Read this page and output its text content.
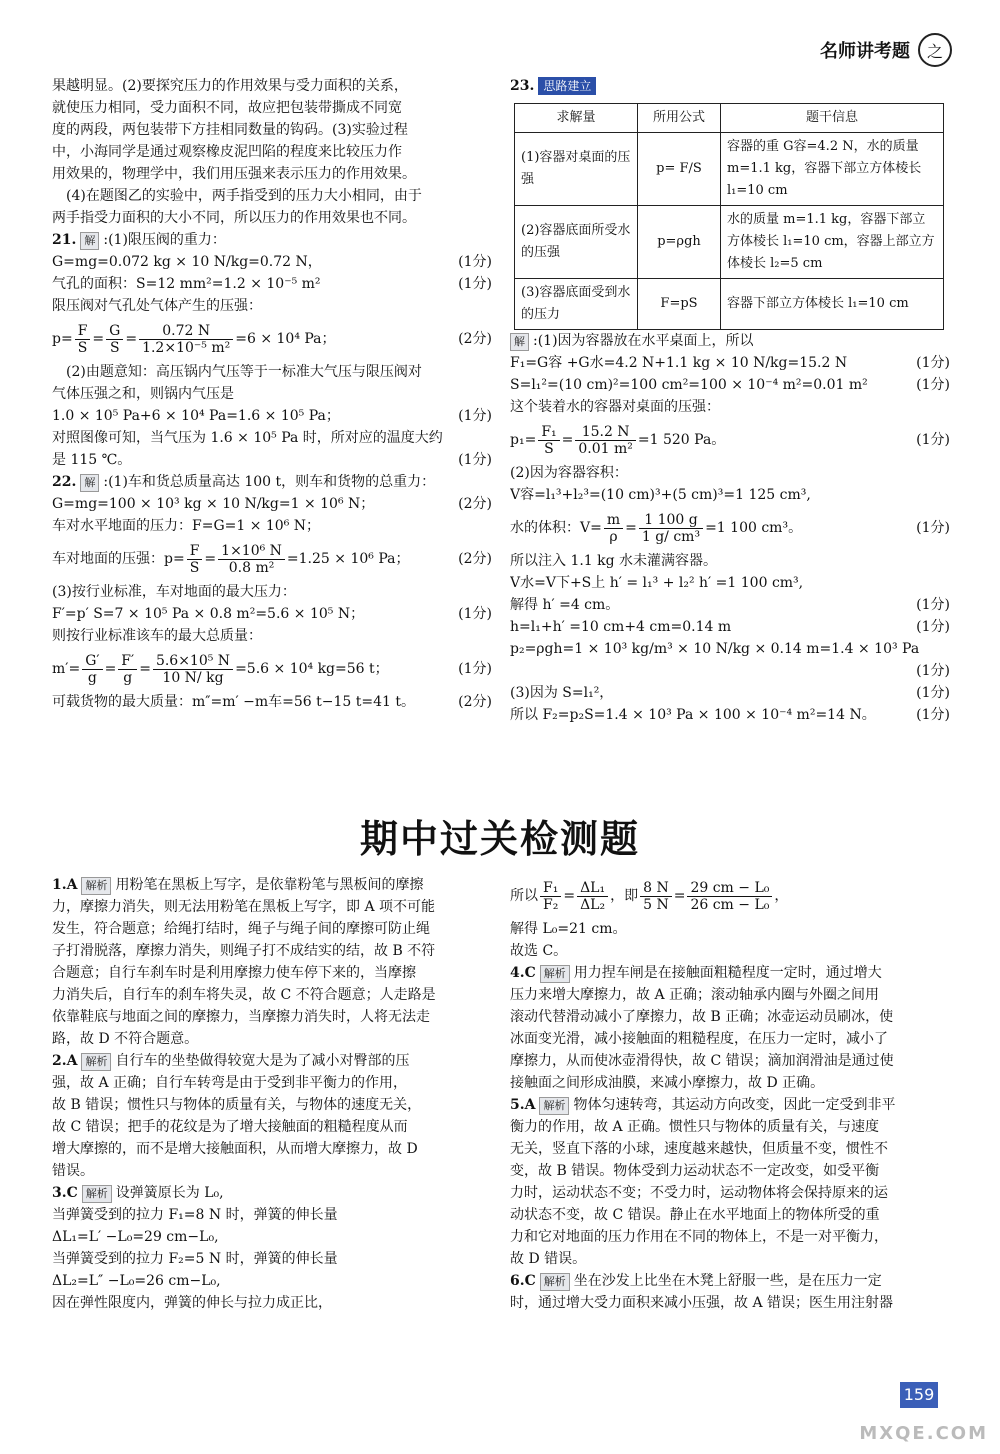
名师讲考题	之
果越明显。(2)要探究压力的作用效果与受力面积的关系，
就使压力相同，受力面积不同，故应把包装带撕成不同宽
度的两段，两包装带下方挂相同数量的钩码。(3)实验过程
中，小海同学是通过观察橡皮泥凹陷的程度来比较压力作
用效果的，物理学中，我们用压强来表示压力的作用效果。
(4)在题图乙的实验中，两手指受到的压力大小相同，由于
两手指受力面积的大小不同，所以压力的作用效果也不同。
21. 解 :(1)限压阀的重力：
G=mg=0.072 kg × 10 N/kg=0.72 N，	(1分)
气孔的面积：S=12 mm²=1.2 × 10⁻⁵ m²	(1分)
限压阀对气孔处气体产生的压强：
$p= \frac{F}{S} = \frac{G}{S} = \frac{0.72 N}{\text{1.2×10⁻⁵ m²}} =6 \times 10^4$ Pa；	(2分)
(2)由题意知：高压锅内气压等于一标准大气压与限压阀对
气体压强之和，则锅内气压是
1.0 × 10⁵ Pa+6 × 10⁴ Pa=1.6 × 10⁵ Pa；	(1分)
对照图像可知，当气压为 1.6 × 10⁵ Pa 时，所对应的温度大约
是 115 ℃。	(1分)
22. 解 :(1)车和货总质量高达 100 t，则车和货物的总重力：
G=mg=100 × 10³ kg × 10 N/kg=1 × 10⁶ N；	(2分)
车对水平地面的压力：F=G=1 × 10⁶ N；
车对地面的压强：$p= \frac{F}{S} = \frac{\text{1×10⁶ N}}{\text{0.8 m²}} =1.25 \times 10^6$ Pa；	(2分)
(3)按行业标准，车对地面的最大压力：
F′=p′ S=7 × 10⁵ Pa × 0.8 m²=5.6 × 10⁵ N；	(1分)
则按行业标准该车的最大总质量：
$m'= \frac{G'}{g} = \frac{F'}{g} = \frac{\text{5.6×10⁵ N}}{10 N/ kg} =5.6 \times 10^4$ kg=56 t；	(1分)
可载货物的最大质量：m″=m′ −m车=56 t−15 t=41 t。	(2分)
23. 思路建立
求解量	所用公式	题干信息
(1)容器对桌面的压强	p= F/S	容器的重 G容=4.2 N，水的质量 m=1.1 kg，容器下部立方体棱长 l₁=10 cm
(2)容器底面所受水的压强	p=ρgh	水的质量 m=1.1 kg，容器下部立方体棱长 l₁=10 cm，容器上部立方体棱长 l₂=5 cm
(3)容器底面受到水的压力	F=pS	容器下部立方体棱长 l₁=10 cm
解 :(1)因为容器放在水平桌面上，所以
F₁=G容 +G水=4.2 N+1.1 kg × 10 N/kg=15.2 N	(1分)
S=l₁²=(10 cm)²=100 cm²=100 × 10⁻⁴ m²=0.01 m²	(1分)
这个装着水的容器对桌面的压强：
$p_1= \frac{\text{F₁}}{S} = \frac{15.2 N}{\text{0.01 m²}} =1$ 520 Pa。	(1分)
(2)因为容器容积：
V容=l₁³+l₂³=(10 cm)³+(5 cm)³=1 125 cm³,
水的体积：$V= \frac{m}{\rho} = \frac{1 100 g}{\text{1 g/ cm³}} =1$ 100 cm³。	(1分)
所以注入 1.1 kg 水未灌满容器。
V水=V下+S上 h′ = l₁³ + l₂² h′ =1 100 cm³,
解得 h′ =4 cm。	(1分)
h=l₁+h′ =10 cm+4 cm=0.14 m	(1分)
p₂=ρgh=1 × 10³ kg/m³ × 10 N/kg × 0.14 m=1.4 × 10³ Pa
(1分)
(3)因为 S=l₁²，	(1分)
所以 F₂=p₂S=1.4 × 10³ Pa × 100 × 10⁻⁴ m²=14 N。	(1分)
期中过关检测题
1.A 解析 用粉笔在黑板上写字，是依靠粉笔与黑板间的摩擦
力，摩擦力消失，则无法用粉笔在黑板上写字，即 A 项不可能
发生，符合题意；给绳打结时，绳子与绳子间的摩擦可防止绳
子打滑脱落，摩擦力消失，则绳子打不成结实的结，故 B 不符
合题意；自行车刹车时是利用摩擦力使车停下来的，当摩擦
力消失后，自行车的刹车将失灵，故 C 不符合题意；人走路是
依靠鞋底与地面之间的摩擦力，当摩擦力消失时，人将无法走
路，故 D 不符合题意。
2.A 解析 自行车的坐垫做得较宽大是为了减小对臀部的压
强，故 A 正确；自行车转弯是由于受到非平衡力的作用，
故 B 错误；惯性只与物体的质量有关，与物体的速度无关，
故 C 错误；把手的花纹是为了增大接触面的粗糙程度从而
增大摩擦的，而不是增大接触面积，从而增大摩擦力，故 D
错误。
3.C 解析 设弹簧原长为 L₀,
当弹簧受到的拉力 F₁=8 N 时，弹簧的伸长量
ΔL₁=L′ −L₀=29 cm−L₀,
当弹簧受到的拉力 F₂=5 N 时，弹簧的伸长量
ΔL₂=L″ −L₀=26 cm−L₀,
因在弹性限度内，弹簧的伸长与拉力成正比，
所以 $\frac{\text{F₁}}{\text{F₂}} = \frac{\text{ΔL₁}}{\text{ΔL₂}}$ ，即 $\frac{8 N}{5 N} = \frac{\text{29 cm − L₀}}{\text{26 cm − L₀}}$ ，
解得 L₀=21 cm。
故选 C。
4.C 解析 用力捏车闸是在接触面粗糙程度一定时，通过增大
压力来增大摩擦力，故 A 正确；滚动轴承内圈与外圈之间用
滚动代替滑动减小了摩擦力，故 B 正确；冰壶运动员刷冰，使
冰面变光滑，减小接触面的粗糙程度，在压力一定时，减小了
摩擦力，从而使冰壶滑得快，故 C 错误；滴加润滑油是通过使
接触面之间形成油膜，来减小摩擦力，故 D 正确。
5.A 解析 物体匀速转弯，其运动方向改变，因此一定受到非平
衡力的作用，故 A 正确。惯性只与物体的质量有关，与速度
无关，竖直下落的小球，速度越来越快，但质量不变，惯性不
变，故 B 错误。物体受到力运动状态不一定改变，如受平衡
力时，运动状态不变；不受力时，运动物体将会保持原来的运
动状态不变，故 C 错误。静止在水平地面上的物体所受的重
力和它对地面的压力作用在不同的物体上，不是一对平衡力，
故 D 错误。
6.C 解析 坐在沙发上比坐在木凳上舒服一些，是在压力一定
时，通过增大受力面积来减小压强，故 A 错误；医生用注射器
159
MXQE.COM
